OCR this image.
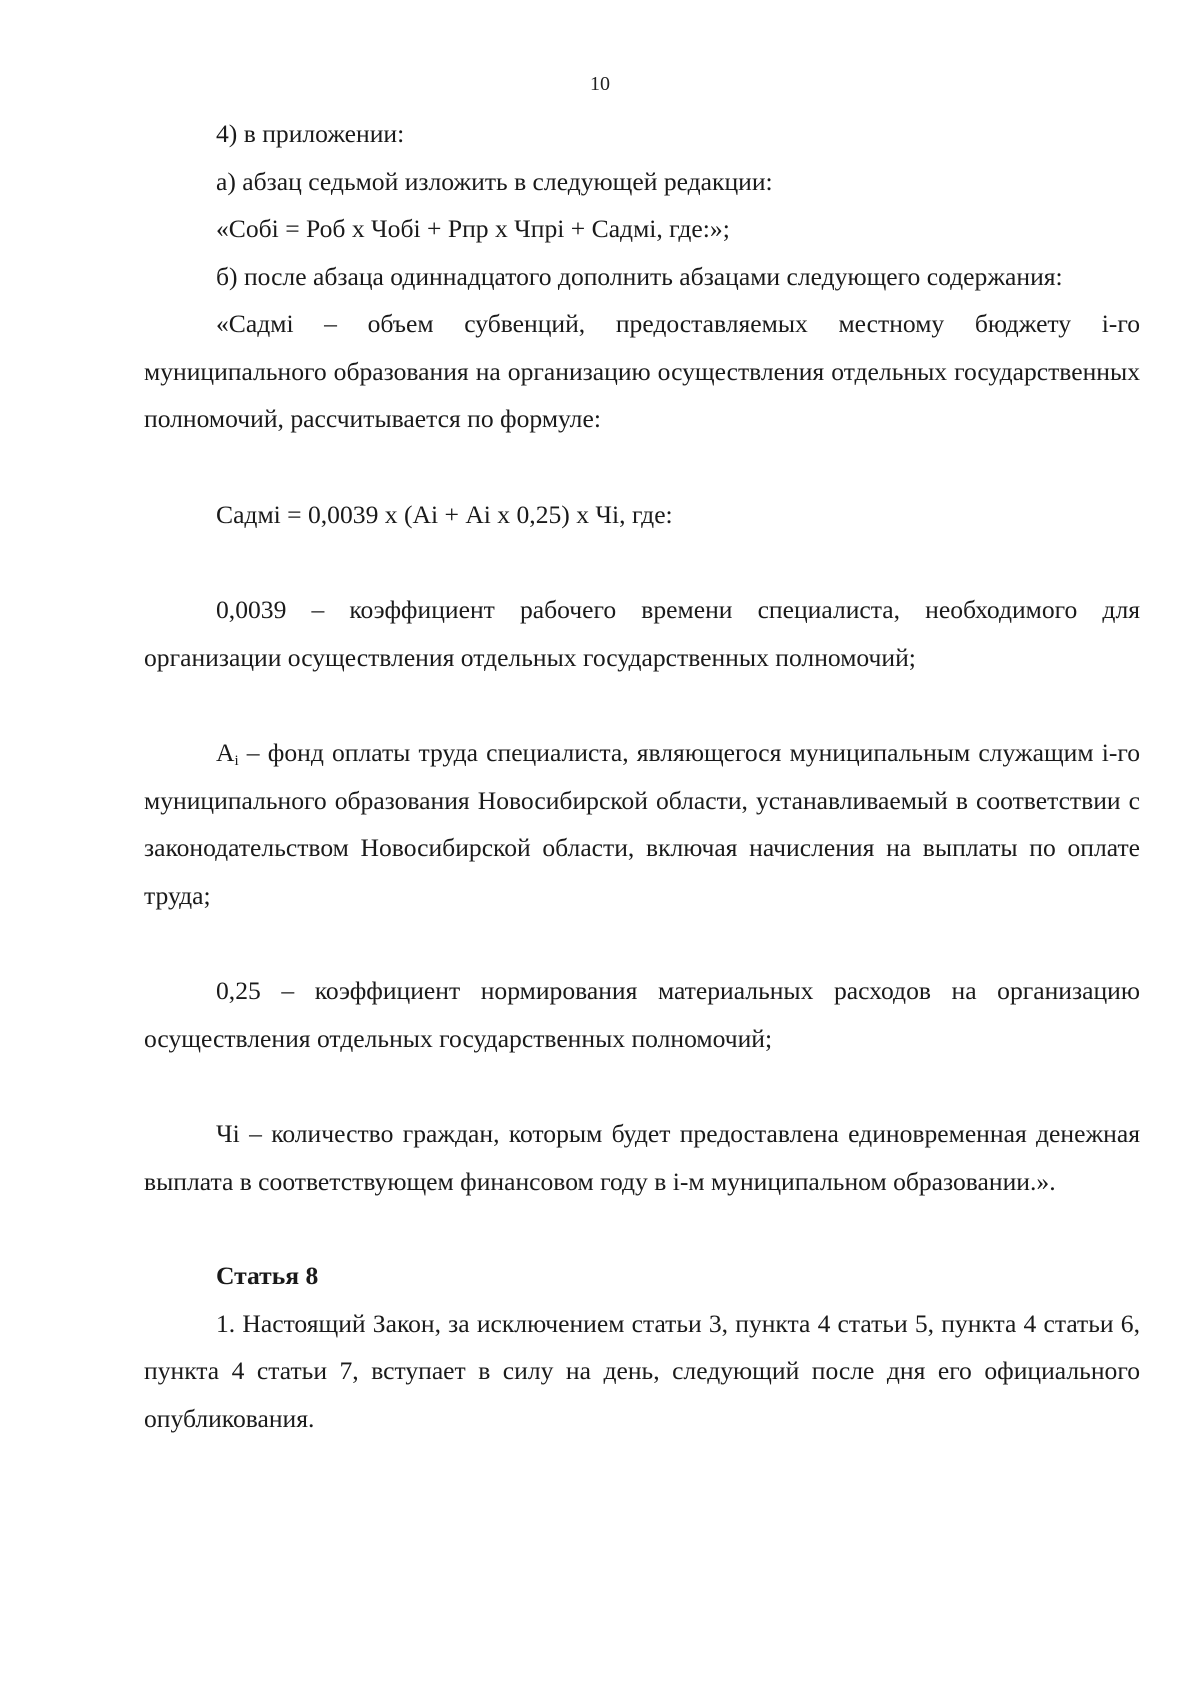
10

4) в приложении:

а) абзац седьмой изложить в следующей редакции:

«Собі = Роб х Чобі + Рпр х Чпрі + Садмі, где:»;

б) после абзаца одиннадцатого дополнить абзацами следующего содержания:

«Садмі – объем субвенций, предоставляемых местному бюджету і-го муниципального образования на организацию осуществления отдельных государственных полномочий, рассчитывается по формуле:

Садмі = 0,0039 х (Аі + Аі х 0,25) х Чі, где:

0,0039 – коэффициент рабочего времени специалиста, необходимого для организации осуществления отдельных государственных полномочий;

$А_i$ – фонд оплаты труда специалиста, являющегося муниципальным служащим і-го муниципального образования Новосибирской области, устанавливаемый в соответствии с законодательством Новосибирской области, включая начисления на выплаты по оплате труда;

0,25 – коэффициент нормирования материальных расходов на организацию осуществления отдельных государственных полномочий;

Чі – количество граждан, которым будет предоставлена единовременная денежная выплата в соответствующем финансовом году в і-м муниципальном образовании.».

Статья 8

1. Настоящий Закон, за исключением статьи 3, пункта 4 статьи 5, пункта 4 статьи 6, пункта 4 статьи 7, вступает в силу на день, следующий после дня его официального опубликования.
